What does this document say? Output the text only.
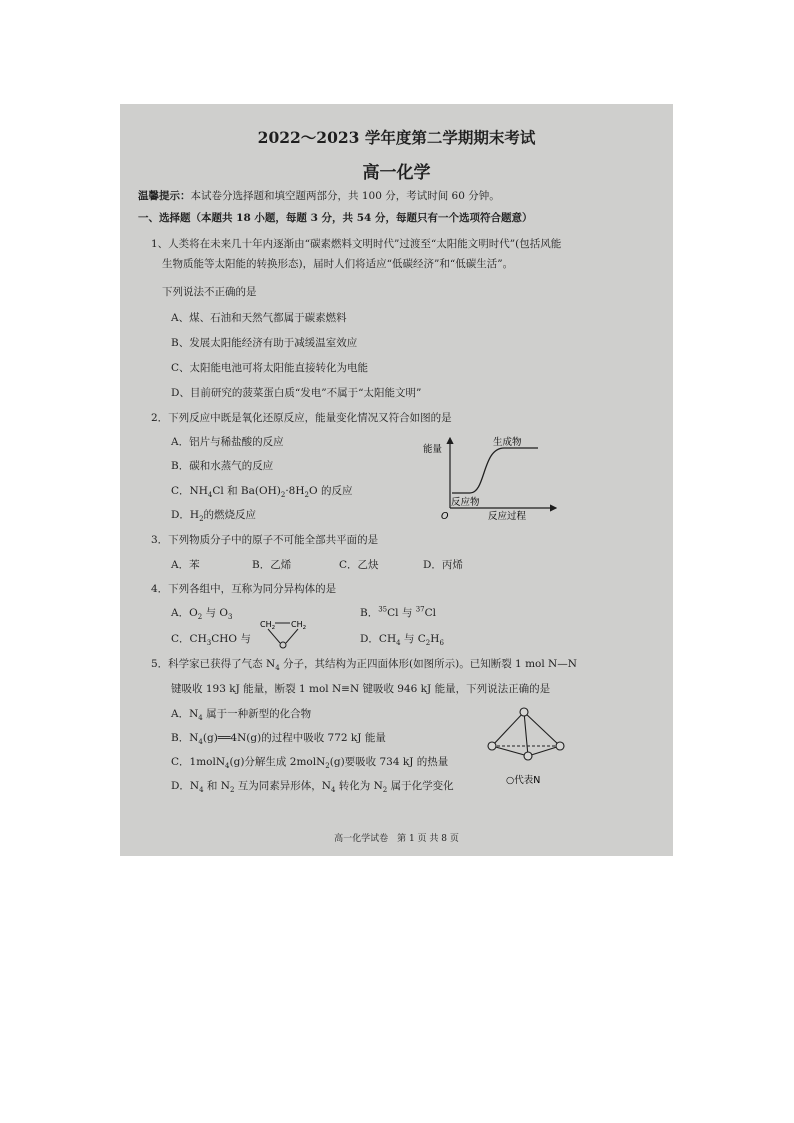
2022～2023 学年度第二学期期末考试
高一化学
温馨提示：本试卷分选择题和填空题两部分，共 100 分，考试时间 60 分钟。
一、选择题（本题共 18 小题，每题 3 分，共 54 分，每题只有一个选项符合题意）
1、人类将在未来几十年内逐渐由“碳素燃料文明时代”过渡至“太阳能文明时代”(包括风能
生物质能等太阳能的转换形态)，届时人们将适应“低碳经济”和“低碳生活”。
下列说法不正确的是
A、煤、石油和天然气都属于碳素燃料
B、发展太阳能经济有助于减缓温室效应
C、太阳能电池可将太阳能直接转化为电能
D、目前研究的菠菜蛋白质“发电”不属于“太阳能文明”
2．下列反应中既是氧化还原反应，能量变化情况又符合如图的是
A．铝片与稀盐酸的反应
B．碳和水蒸气的反应
C．$NH_4Cl$ 和 $Ba(OH)_2\cdot 8H_2O$ 的反应
D．$H_2$的燃烧反应
能量
生成物
反应物
O	反应过程
3．下列物质分子中的原子不可能全部共平面的是
A．苯	B．乙烯	C．乙炔	D．丙烯
4．下列各组中，互称为同分异构体的是
A．$O_2$ 与 $O_3$	B．$^{35}$Cl 与 $^{37}$Cl
C．$CH_3CHO$ 与
$CH_2$ $CH_2$
D．$CH_4$ 与 $C_2H_6$
5．科学家已获得了气态 $N_4$ 分子，其结构为正四面体形(如图所示)。已知断裂 1 mol N—N
键吸收 193 kJ 能量，断裂 1 mol N≡N 键吸收 946 kJ 能量，下列说法正确的是
A．$N_4$ 属于一种新型的化合物
B．$N_4(g)══4N(g)$的过程中吸收 772 kJ 能量
C．1molN$_4$(g)分解生成 2molN$_2$(g)要吸收 734 kJ 的热量
D．$N_4$ 和 $N_2$ 互为同素异形体，$N_4$ 转化为 $N_2$ 属于化学变化	○代表N
高一化学试卷　第 1 页 共 8 页
